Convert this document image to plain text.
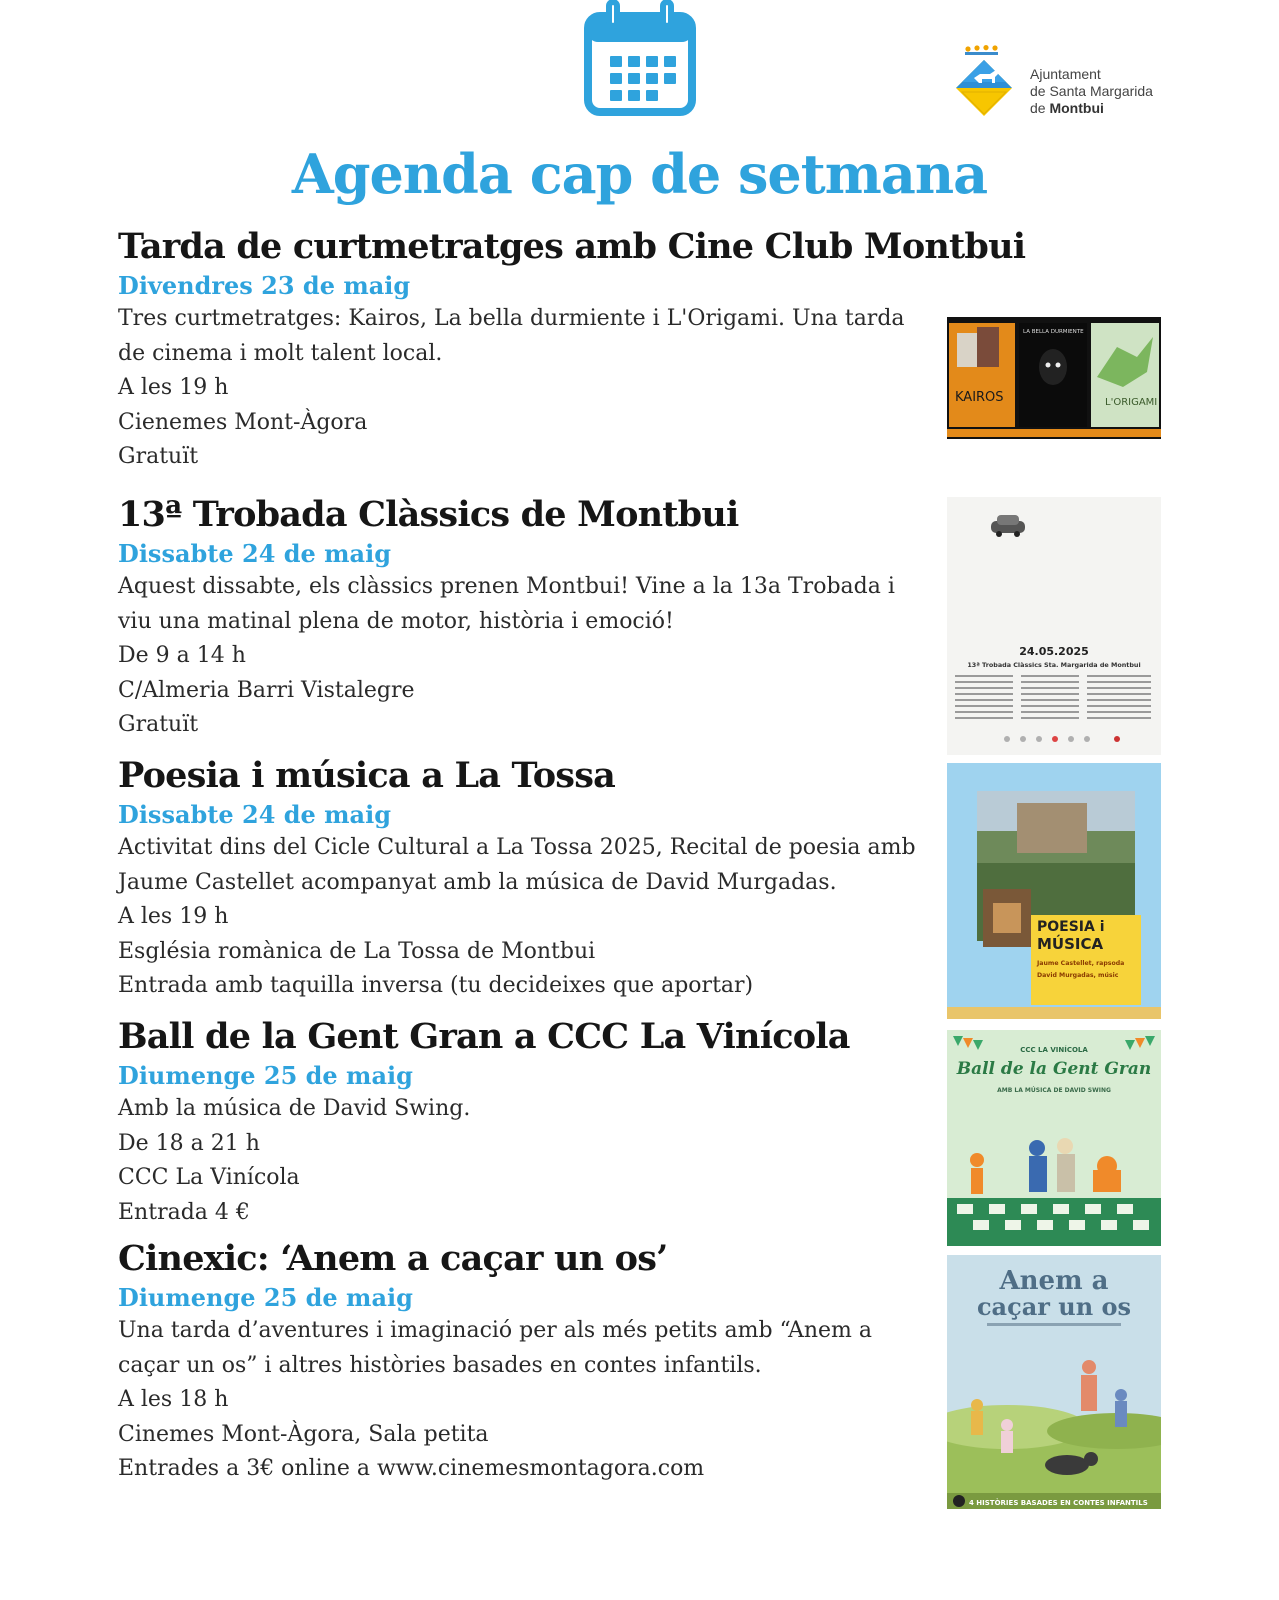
Ajuntament
de Santa Margarida
de Montbui
Agenda cap de setmana
Tarda de curtmetratges amb Cine Club Montbui
Divendres 23 de maig

Tres curtmetratges: Kairos, La bella durmiente i L'Origami. Una tarda de cinema i molt talent local.

A les 19 h

Cienemes Mont-Àgora

Gratuït

KAIROS
LA BELLA DURMIENTE
L'ORIGAMI
13ª Trobada Clàssics de Montbui
Dissabte 24 de maig

Aquest dissabte, els clàssics prenen Montbui! Vine a la 13a Trobada i viu una matinal plena de motor, història i emoció!

De 9 a 14 h

C/Almeria Barri Vistalegre

Gratuït

24.05.2025
13ª Trobada Clàssics Sta. Margarida de Montbui
Poesia i música a La Tossa
Dissabte 24 de maig

Activitat dins del Cicle Cultural a La Tossa 2025, Recital de poesia amb Jaume Castellet acompanyat amb la música de David Murgadas.

A les 19 h

Església romànica de La Tossa de Montbui

Entrada amb taquilla inversa (tu decideixes que aportar)

POESIA i
MÚSICA
Jaume Castellet, rapsoda
David Murgadas, músic
Ball de la Gent Gran a CCC La Vinícola
Diumenge 25 de maig

Amb la música de David Swing.

De 18 a 21 h

CCC La Vinícola

Entrada 4 €

CCC LA VINÍCOLA
Ball de la Gent Gran
AMB LA MÚSICA DE DAVID SWING
Cinexic: ‘Anem a caçar un os’
Diumenge 25 de maig

Una tarda d’aventures i imaginació per als més petits amb “Anem a caçar un os” i altres històries basades en contes infantils.

A les 18 h

Cinemes Mont-Àgora, Sala petita

Entrades a 3€ online a www.cinemesmontagora.com

Anem a
caçar un os
4 HISTÒRIES BASADES EN CONTES INFANTILS
